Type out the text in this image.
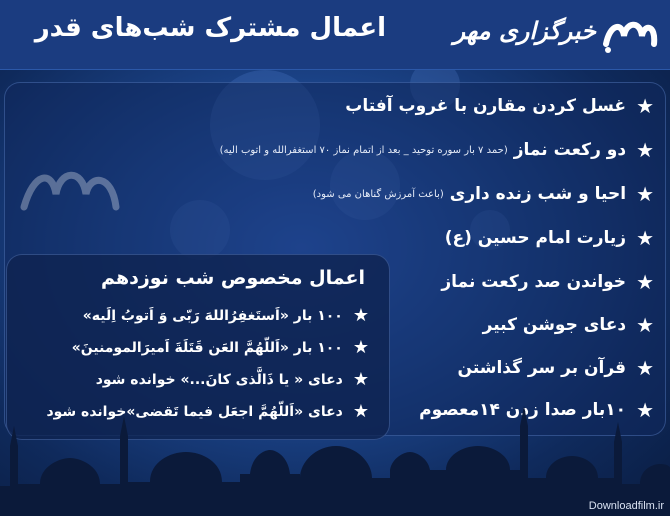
اعمال مشترک شب‌های قدر	خبرگزاری مهر
★
غسل کردن مقارن با غروب آفتاب
★
دو رکعت نماز
(حمد ۷ بار سوره توحید _ بعد از اتمام نماز ۷۰ استغفرالله و اتوب الیه)
★
احیا و شب زنده داری
(باعث آمرزش گناهان می شود)
★
زیارت امام حسین (ع)
★
خواندن صد رکعت نماز
★
دعای جوشن کبیر
★
قرآن بر سر گذاشتن
★
۱۰بار صدا زدن ۱۴معصوم
اعمال مخصوص شب نوزدهم
★
۱۰۰ بار «اَستَغفِرُاللهَ رَبّی وَ اَتوبُ اِلَیه»
★
۱۰۰ بار «اَللّهُمَّ العَن قَتَلَةَ اَمیرَالمومنینَ»
★
دعای « یا ذَالَّذی کانَ...» خوانده شود
★
دعای «اَللّهُمَّ اجعَل فیما تَقضی»خوانده شود
Downloadfilm.ir
